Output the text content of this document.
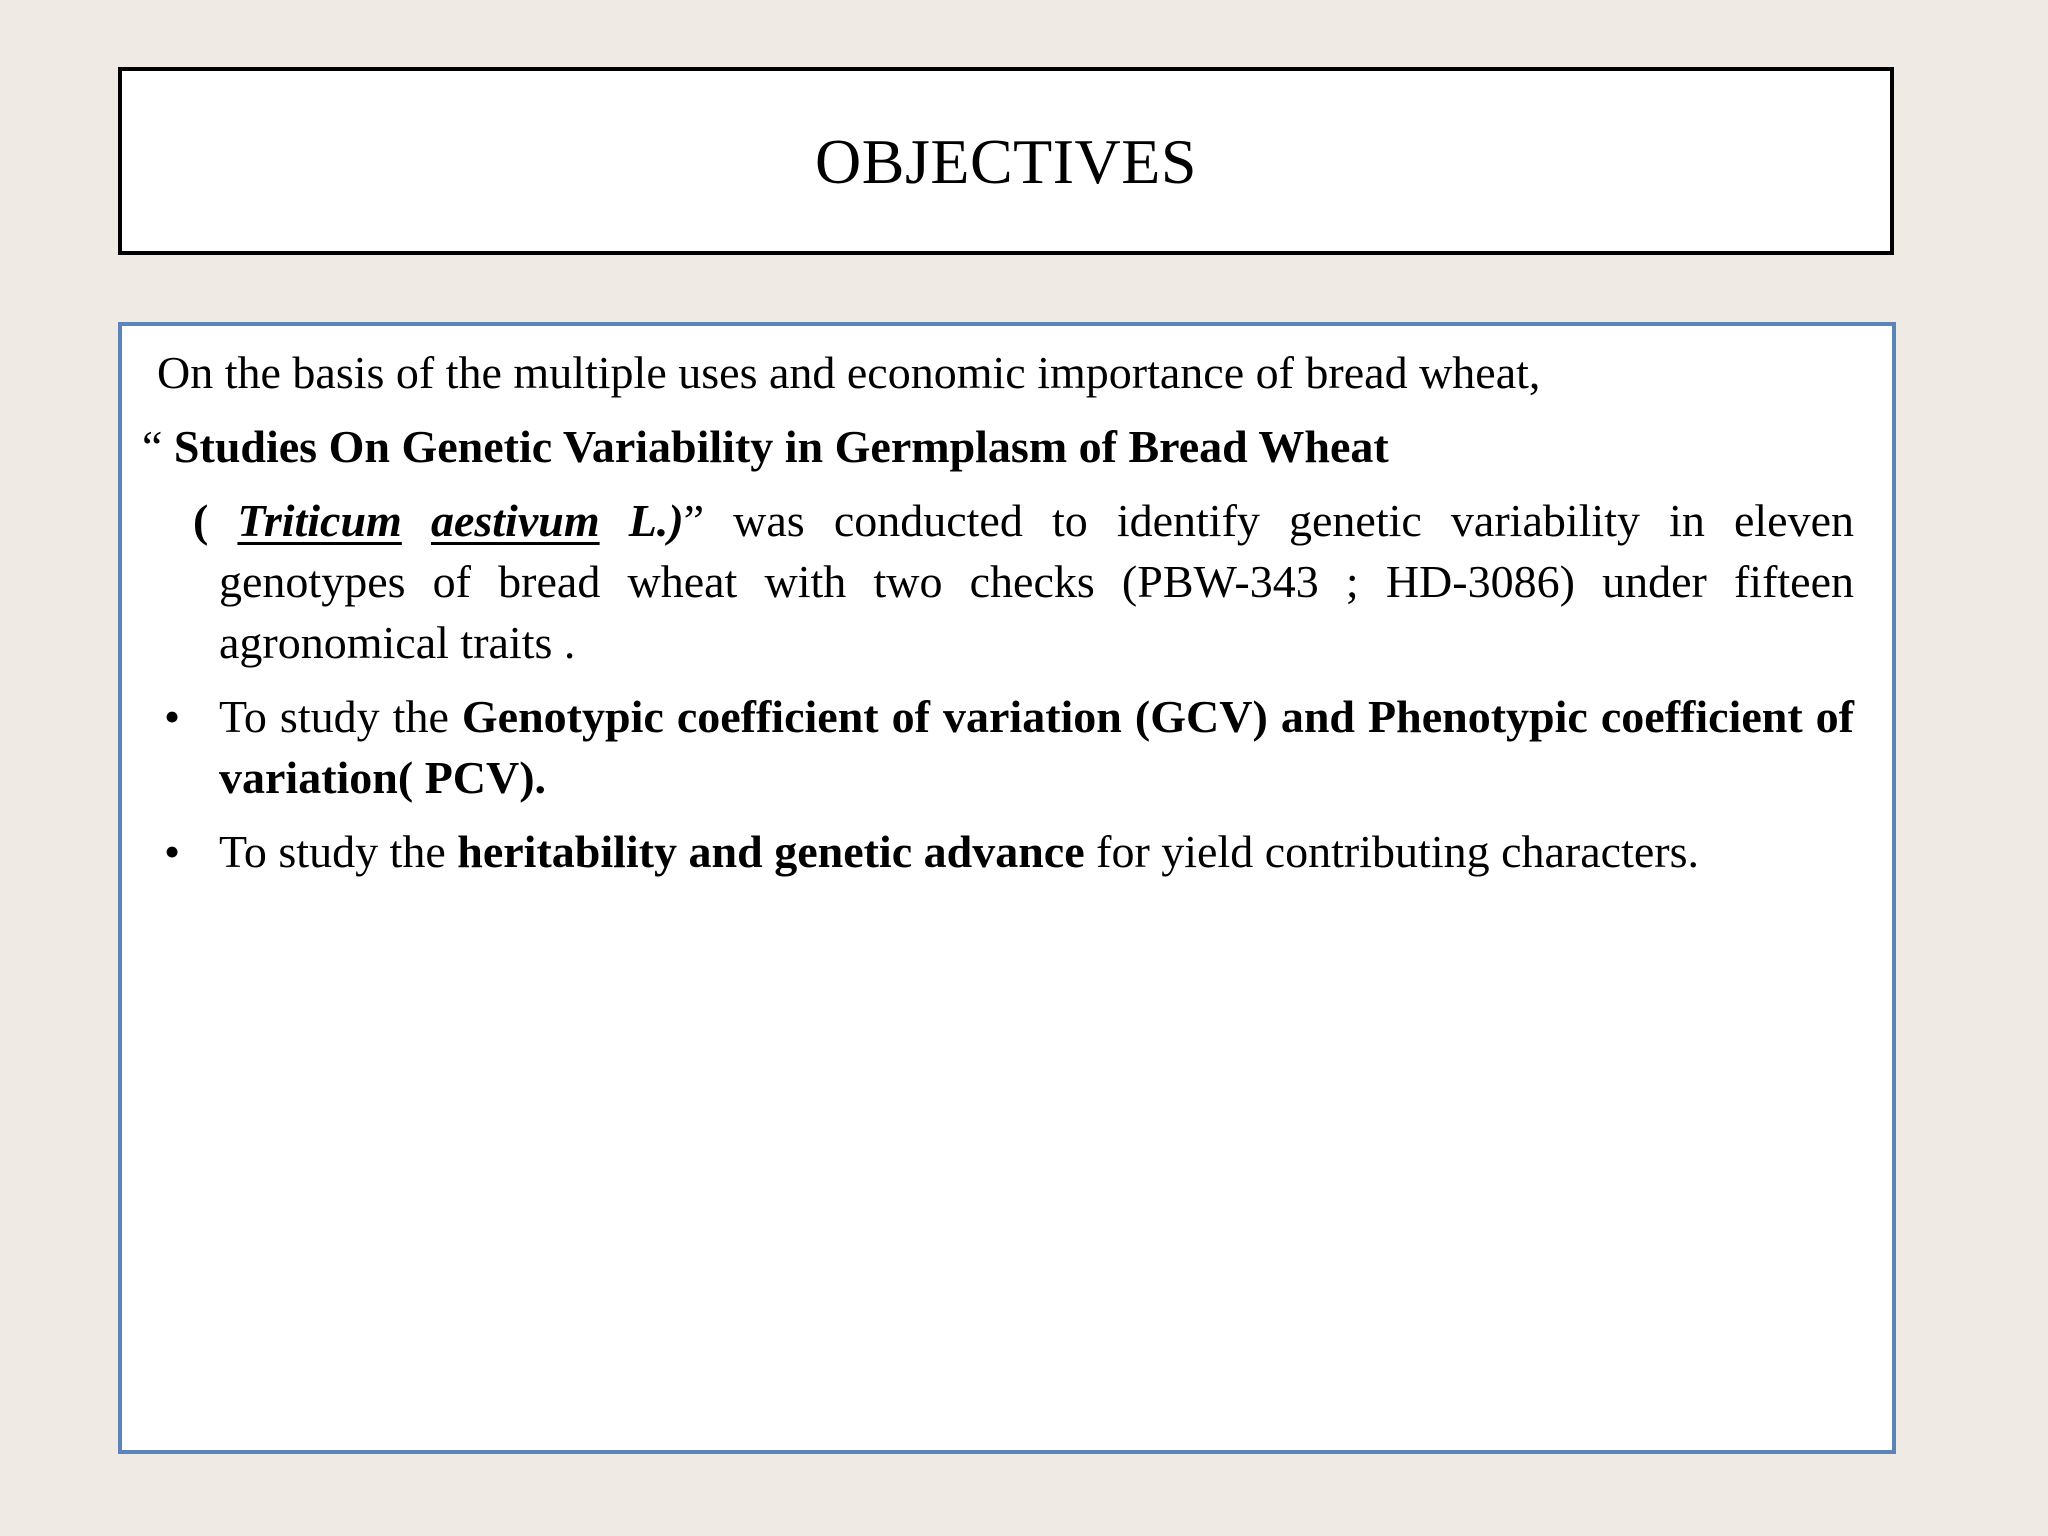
OBJECTIVES
On the basis of the multiple uses and economic importance of bread wheat,
“ Studies On Genetic Variability in Germplasm of Bread Wheat
( Triticum aestivum L.)” was conducted to identify genetic variability in eleven genotypes of bread wheat with two checks (PBW-343 ; HD-3086) under fifteen agronomical traits .
• To study the Genotypic coefficient of variation (GCV) and Phenotypic coefficient of variation( PCV).
• To study the heritability and genetic advance for yield contributing characters.
